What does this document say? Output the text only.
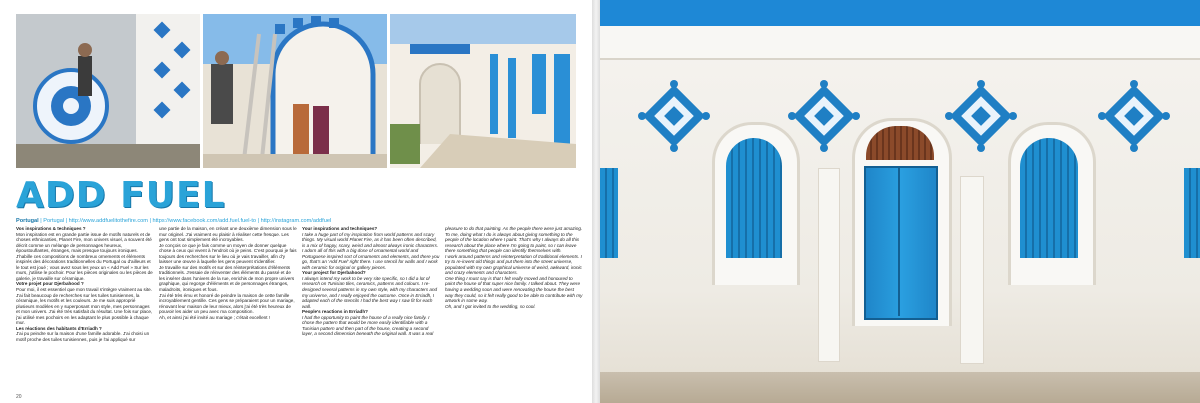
ADD FUEL
Portugal | Portugal | http://www.addfuelitothefire.com | https://www.facebook.com/add.fuel.fuel-to | http://instagram.com/addfuel

Vos inspirations & techniques ?

Mon inspiration est en grande partie issue de motifs naturels et de choses ethnicanties, Planet Fire, mon univers visuel, a souvent été décrit comme un mélange de personnages heureux, époustouflantes, étranges, mais presque toujours ironiques. J'habille ces compositions de nombreux ornements et éléments inspirés des décorations traditionnelles du Portugal ou d'ailleurs et le tout est joué ; vous avez sous les yeux un « Add Fuel » Sur les murs, j'utilise le pochoir. Pour les pièces originales ou les pièces de galerie, je travaille sur céramique.

Votre projet pour Djerbahood ?

Pour moi, il est essentiel que mon travail s'intègre vraiment au site. J'ai fait beaucoup de recherches sur les tuiles tunisiennes, la céramique, les motifs et les couleurs. Je me suis approprié plusieurs modèles en y superposant mon style, mes personnages et mon univers. J'ai été très satisfait du résultat. Une fois sur place, j'ai utilisé mes pochoirs en les adaptant le plus possible à chaque mur.

Les réactions des habitants d'Erriadh ?

J'ai pu peindre sur la maison d'une famille adorable. J'ai choisi un motif proche des tuiles tunisiennes, puis je l'ai appliqué sur

une partie de la maison, en créant une deuxième dimension sous le mur originel. J'ai vraiment eu plaisir à réaliser cette fresque. Les gens ont tout simplement été incroyables.

Je conçois ce que je fais comme un moyen de donner quelque chose à ceux qui vivent à l'endroit où je peins. C'est pourquoi je fais toujours des recherches sur le lieu où je vais travailler, afin d'y laisser une œuvre à laquelle les gens peuvent s'identifier.

Je travaille sur des motifs et sur des réinterprétations d'éléments traditionnels. J'essaie de réinventer des éléments du passé et de les insérer dans l'univers de la rue, enrichis de mon propre univers graphique, qui regorge d'éléments et de personnages étranges, maladroits, ironiques et fous.

J'ai été très ému et honoré de peindre la maison de cette famille incroyablement gentille. Ces gens se préparaient pour un mariage, rénovant leur maison de leur mieux, alors j'ai été très heureux de pouvoir les aider un peu avec ma composition.

Ah, et ainsi j'ai été invité au mariage ; c'était excellent !

Your inspirations and techniques?

I take a huge part of my inspiration from world patterns and scary things. My visual world Planet Fire, as it has been often described, is a mix of happy, scary, weird and almost always ironic characters.

I adorn all of this with a big dose of ornamental world and Portuguese inspired sort of ornaments and elements, and there you go, that's an 'Add Fuel' right there. I use stencil for walls and I work with ceramic for original or gallery pieces.

Your project for Djerbahood?

I always intend my work to be very site specific, so I did a lot of research on Tunisian tiles, ceramics, patterns and colours. I re-designed several patterns in my own style, with my characters and my universe, and I really enjoyed the outcome. Once in Erriadh, I adapted each of the stencils I had the best way I saw fit for each wall.

People's reactions in Erriadh?

I had the opportunity to paint the house of a really nice family. I chose the pattern that would be more easily identifiable with a Tunisian pattern and then part of the house, creating a second layer, a second dimension beneath the original wall. It was a real

pleasure to do that painting. As the people there were just amazing. To me, doing what I do is always about giving something to the people of the location where I paint. That's why I always do all this research about the place where I'm going to paint, so I can leave there something that people can identify themselves with.

I work around patterns and reinterpretation of traditional elements. I try to re-invent old things and put them into the street universe, populated with my own graphical universe of weird, awkward, ironic and crazy elements and characters.

One thing I must say is that I felt really moved and honoured to paint the house of that super nice family. I talked about. They were having a wedding soon and were renovating the house the best way they could, so it felt really good to be able to contribute with my artwork in some way.

Oh, and I got invited to the wedding, so cool.

20
